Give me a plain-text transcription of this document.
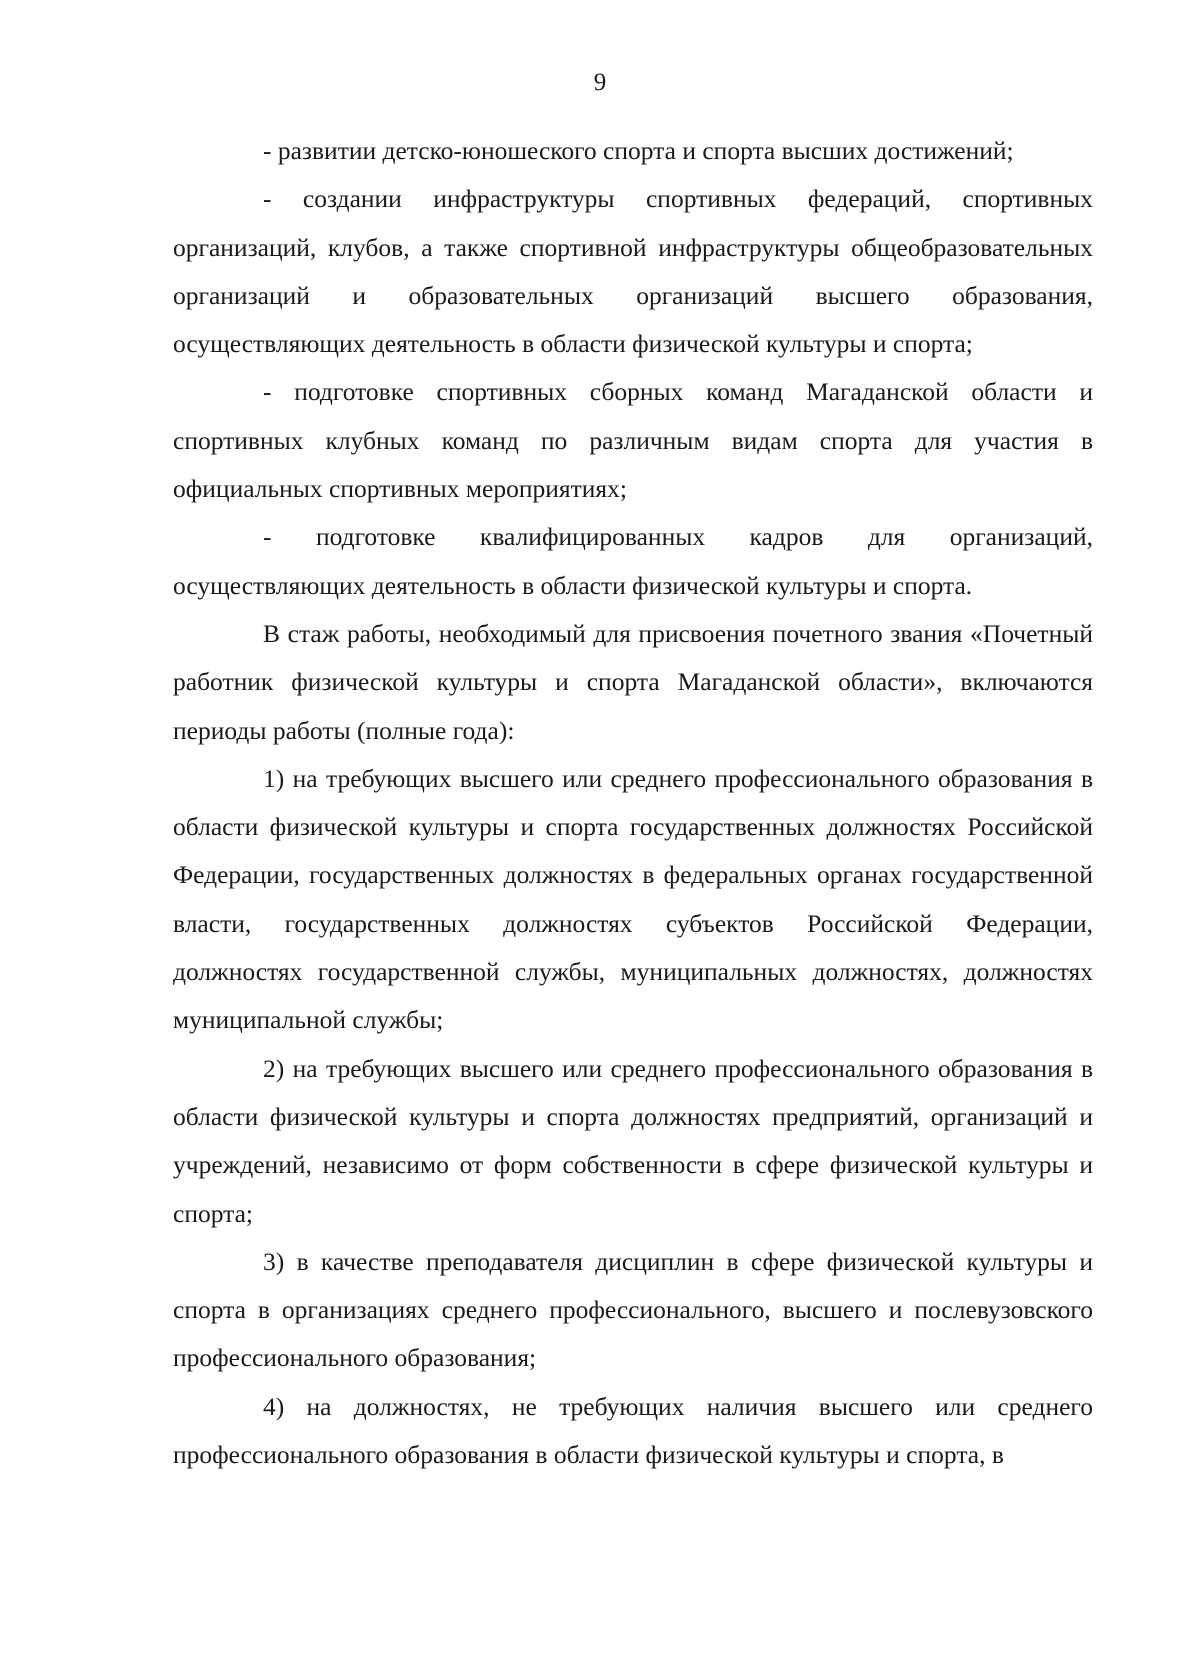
9

- развитии детско-юношеского спорта и спорта высших достижений;

- создании инфраструктуры спортивных федераций, спортивных организаций, клубов, а также спортивной инфраструктуры общеобразовательных организаций и образовательных организаций высшего образования, осуществляющих деятельность в области физической культуры и спорта;

- подготовке спортивных сборных команд Магаданской области и спортивных клубных команд по различным видам спорта для участия в официальных спортивных мероприятиях;

- подготовке квалифицированных кадров для организаций, осуществляющих деятельность в области физической культуры и спорта.

В стаж работы, необходимый для присвоения почетного звания «Почетный работник физической культуры и спорта Магаданской области», включаются периоды работы (полные года):

1) на требующих высшего или среднего профессионального образования в области физической культуры и спорта государственных должностях Российской Федерации, государственных должностях в федеральных органах государственной власти, государственных должностях субъектов Российской Федерации, должностях государственной службы, муниципальных должностях, должностях муниципальной службы;

2) на требующих высшего или среднего профессионального образования в области физической культуры и спорта должностях предприятий, организаций и учреждений, независимо от форм собственности в сфере физической культуры и спорта;

3) в качестве преподавателя дисциплин в сфере физической культуры и спорта в организациях среднего профессионального, высшего и послевузовского профессионального образования;

4) на должностях, не требующих наличия высшего или среднего профессионального образования в области физической культуры и спорта, в
